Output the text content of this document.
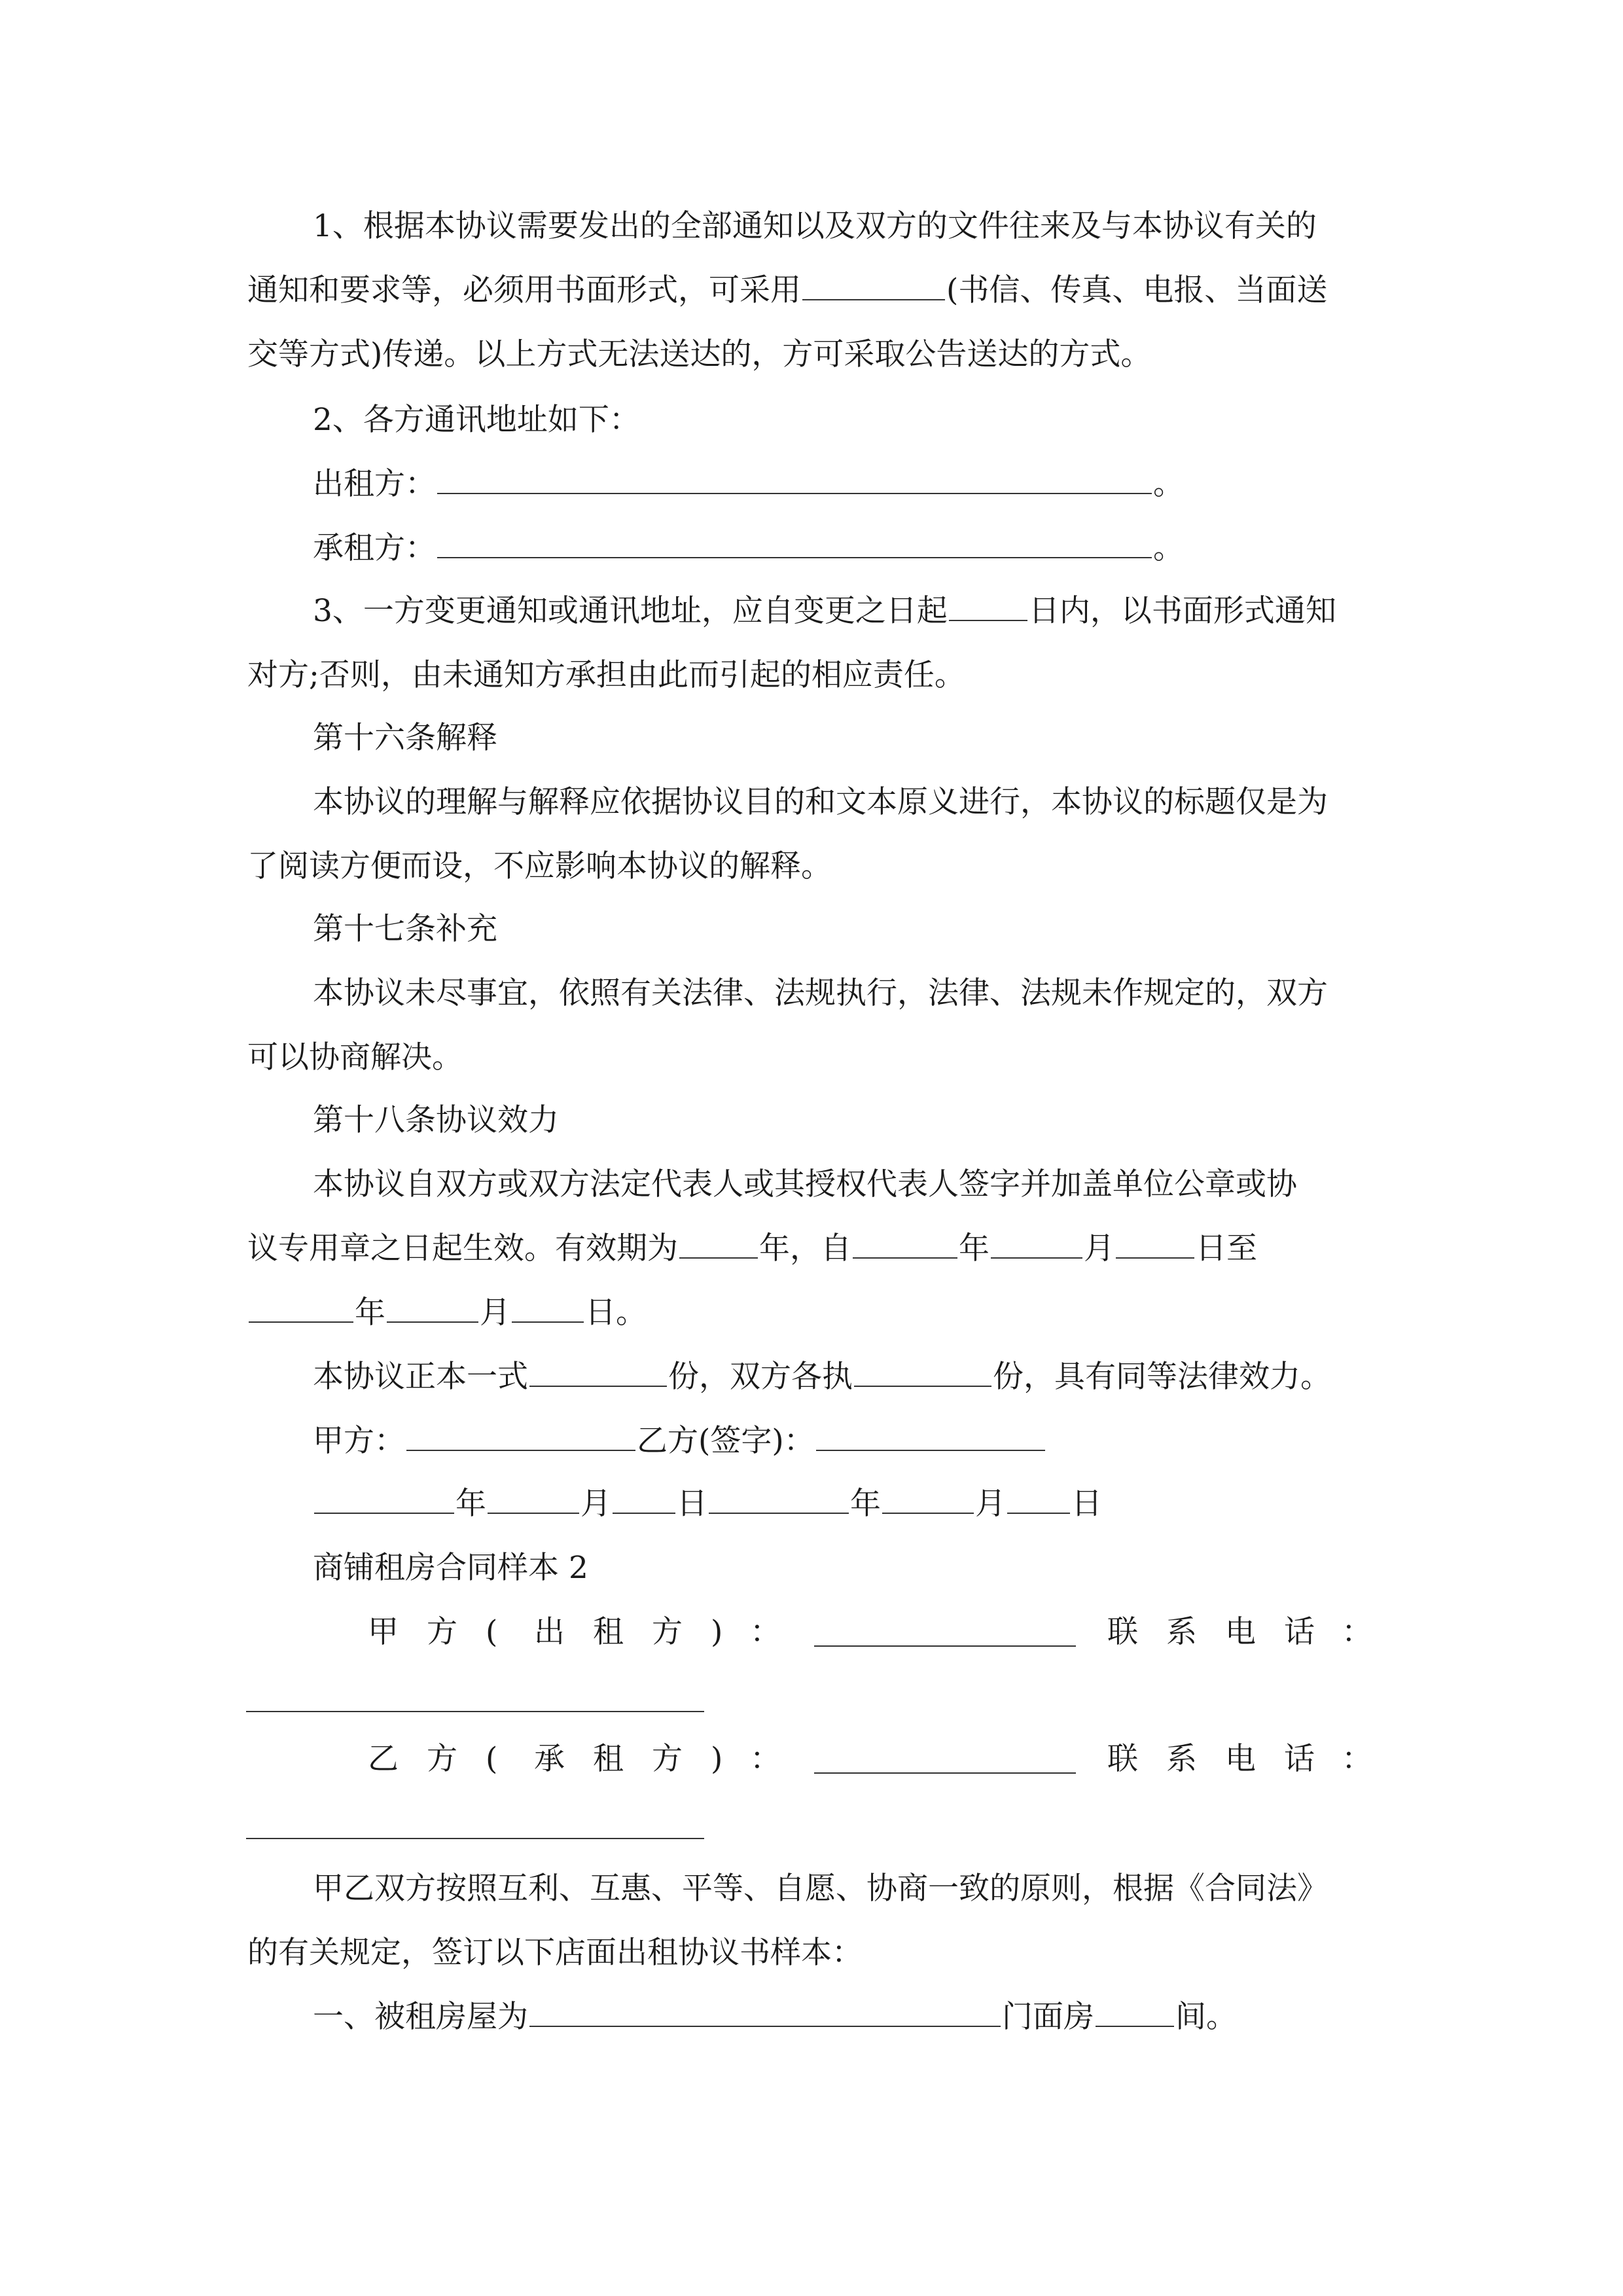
1、根据本协议需要发出的全部通知以及双方的文件往来及与本协议有关的

通知和要求等，必须用书面形式，可采用	(书信、传真、电报、当面送

交等方式)传递。以上方式无法送达的，方可采取公告送达的方式。

2、各方通讯地址如下：

出租方：	。

承租方：	。

3、一方变更通知或通讯地址，应自变更之日起	日内，以书面形式通知

对方;否则，由未通知方承担由此而引起的相应责任。

第十六条解释

本协议的理解与解释应依据协议目的和文本原义进行，本协议的标题仅是为

了阅读方便而设，不应影响本协议的解释。

第十七条补充

本协议未尽事宜，依照有关法律、法规执行，法律、法规未作规定的，双方

可以协商解决。

第十八条协议效力

本协议自双方或双方法定代表人或其授权代表人签字并加盖单位公章或协

议专用章之日起生效。有效期为	年，自	年	月	日至

年	月 日。

本协议正本一式	份，双方各执	份，具有同等法律效力。

甲方：	乙方(签字)：

年	月 日	年	月 日

商铺租房合同样本 2

甲 方 ( 出 租 方 ) ：	联 系 电 话 ：
乙 方 ( 承 租 方 ) ：	联 系 电 话 ：

甲乙双方按照互利、互惠、平等、自愿、协商一致的原则，根据《合同法》

的有关规定，签订以下店面出租协议书样本：

一、被租房屋为	门面房	间。
